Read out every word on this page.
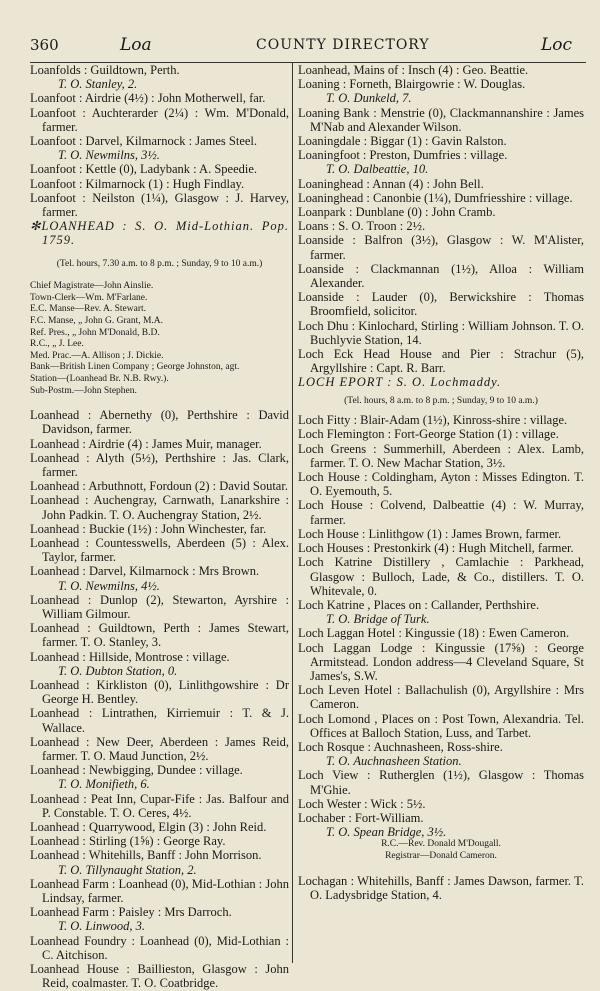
360	Loa	COUNTY DIRECTORY	Loc

Loanfolds : Guildtown, Perth.
T. O. Stanley, 2.

Loanfoot : Airdrie (4½) : John Motherwell, far.

Loanfoot : Auchterarder (2¼) : Wm. M'Donald, farmer.

Loanfoot : Darvel, Kilmarnock : James Steel.
T. O. Newmilns, 3½.

Loanfoot : Kettle (0), Ladybank : A. Speedie.

Loanfoot : Kilmarnock (1) : Hugh Findlay.

Loanfoot : Neilston (1¼), Glasgow : J. Harvey, farmer.

✻LOANHEAD : S. O. Mid-Lothian. Pop. 1759.

(Tel. hours, 7.30 a.m. to 8 p.m. ; Sunday, 9 to 10 a.m.)

Chief Magistrate—John Ainslie.

Town-Clerk—Wm. M'Farlane.

E.C. Manse—Rev. A. Stewart.

F.C. Manse, „ John G. Grant, M.A.

Ref. Pres., „ John M'Donald, B.D.

R.C., „ J. Lee.

Med. Prac.—A. Allison ; J. Dickie.

Bank—British Linen Company ; George Johnston, agt.

Station—(Loanhead Br. N.B. Rwy.).

Sub-Postm.—John Stephen.

Loanhead : Abernethy (0), Perthshire : David Davidson, farmer.

Loanhead : Airdrie (4) : James Muir, manager.

Loanhead : Alyth (5½), Perthshire : Jas. Clark, farmer.

Loanhead : Arbuthnott, Fordoun (2) : David Soutar.

Loanhead : Auchengray, Carnwath, Lanarkshire : John Padkin. T. O. Auchengray Station, 2½.

Loanhead : Buckie (1½) : John Winchester, far.

Loanhead : Countesswells, Aberdeen (5) : Alex. Taylor, farmer.

Loanhead : Darvel, Kilmarnock : Mrs Brown.
T. O. Newmilns, 4½.

Loanhead : Dunlop (2), Stewarton, Ayrshire : William Gilmour.

Loanhead : Guildtown, Perth : James Stewart, farmer. T. O. Stanley, 3.

Loanhead : Hillside, Montrose : village.
T. O. Dubton Station, 0.

Loanhead : Kirkliston (0), Linlithgowshire : Dr George H. Bentley.

Loanhead : Lintrathen, Kirriemuir : T. & J. Wallace.

Loanhead : New Deer, Aberdeen : James Reid, farmer. T. O. Maud Junction, 2½.

Loanhead : Newbigging, Dundee : village.
T. O. Monifieth, 6.

Loanhead : Peat Inn, Cupar-Fife : Jas. Balfour and P. Constable. T. O. Ceres, 4½.

Loanhead : Quarrywood, Elgin (3) : John Reid.

Loanhead : Stirling (1⅝) : George Ray.

Loanhead : Whitehills, Banff : John Morrison.
T. O. Tillynaught Station, 2.

Loanhead Farm : Loanhead (0), Mid-Lothian : John Lindsay, farmer.

Loanhead Farm : Paisley : Mrs Darroch.
T. O. Linwood, 3.

Loanhead Foundry : Loanhead (0), Mid-Lothian : C. Aitchison.

Loanhead House : Baillieston, Glasgow : John Reid, coalmaster. T. O. Coatbridge.

Loanhead, Mains of : Insch (4) : Geo. Beattie.

Loaning : Forneth, Blairgowrie : W. Douglas.
T. O. Dunkeld, 7.

Loaning Bank : Menstrie (0), Clackmannanshire : James M'Nab and Alexander Wilson.

Loaningdale : Biggar (1) : Gavin Ralston.

Loaningfoot : Preston, Dumfries : village.
T. O. Dalbeattie, 10.

Loaninghead : Annan (4) : John Bell.

Loaninghead : Canonbie (1¼), Dumfriesshire : village.

Loanpark : Dunblane (0) : John Cramb.

Loans : S. O. Troon : 2½.

Loanside : Balfron (3½), Glasgow : W. M'Alister, farmer.

Loanside : Clackmannan (1½), Alloa : William Alexander.

Loanside : Lauder (0), Berwickshire : Thomas Broomfield, solicitor.

Loch Dhu : Kinlochard, Stirling : William Johnson. T. O. Buchlyvie Station, 14.

Loch Eck Head House and Pier : Strachur (5), Argyllshire : Capt. R. Barr.

LOCH EPORT : S. O. Lochmaddy.

(Tel. hours, 8 a.m. to 8 p.m. ; Sunday, 9 to 10 a.m.)

Loch Fitty : Blair-Adam (1½), Kinross-shire : village.

Loch Flemington : Fort-George Station (1) : village.

Loch Greens : Summerhill, Aberdeen : Alex. Lamb, farmer. T. O. New Machar Station, 3½.

Loch House : Coldingham, Ayton : Misses Edington. T. O. Eyemouth, 5.

Loch House : Colvend, Dalbeattie (4) : W. Murray, farmer.

Loch House : Linlithgow (1) : James Brown, farmer.

Loch Houses : Prestonkirk (4) : Hugh Mitchell, farmer.

Loch Katrine Distillery , Camlachie : Parkhead, Glasgow : Bulloch, Lade, & Co., distillers. T. O. Whitevale, 0.

Loch Katrine , Places on : Callander, Perthshire.
T. O. Bridge of Turk.

Loch Laggan Hotel : Kingussie (18) : Ewen Cameron.

Loch Laggan Lodge : Kingussie (17⅝) : George Armitstead. London address—4 Cleveland Square, St James's, S.W.

Loch Leven Hotel : Ballachulish (0), Argyllshire : Mrs Cameron.

Loch Lomond , Places on : Post Town, Alexandria. Tel. Offices at Balloch Station, Luss, and Tarbet.

Loch Rosque : Auchnasheen, Ross-shire.
T. O. Auchnasheen Station.

Loch View : Rutherglen (1½), Glasgow : Thomas M'Ghie.

Loch Wester : Wick : 5½.

Lochaber : Fort-William.
T. O. Spean Bridge, 3½.

R.C.—Rev. Donald M'Dougall.

Registrar—Donald Cameron.

Lochagan : Whitehills, Banff : James Dawson, farmer. T. O. Ladysbridge Station, 4.
